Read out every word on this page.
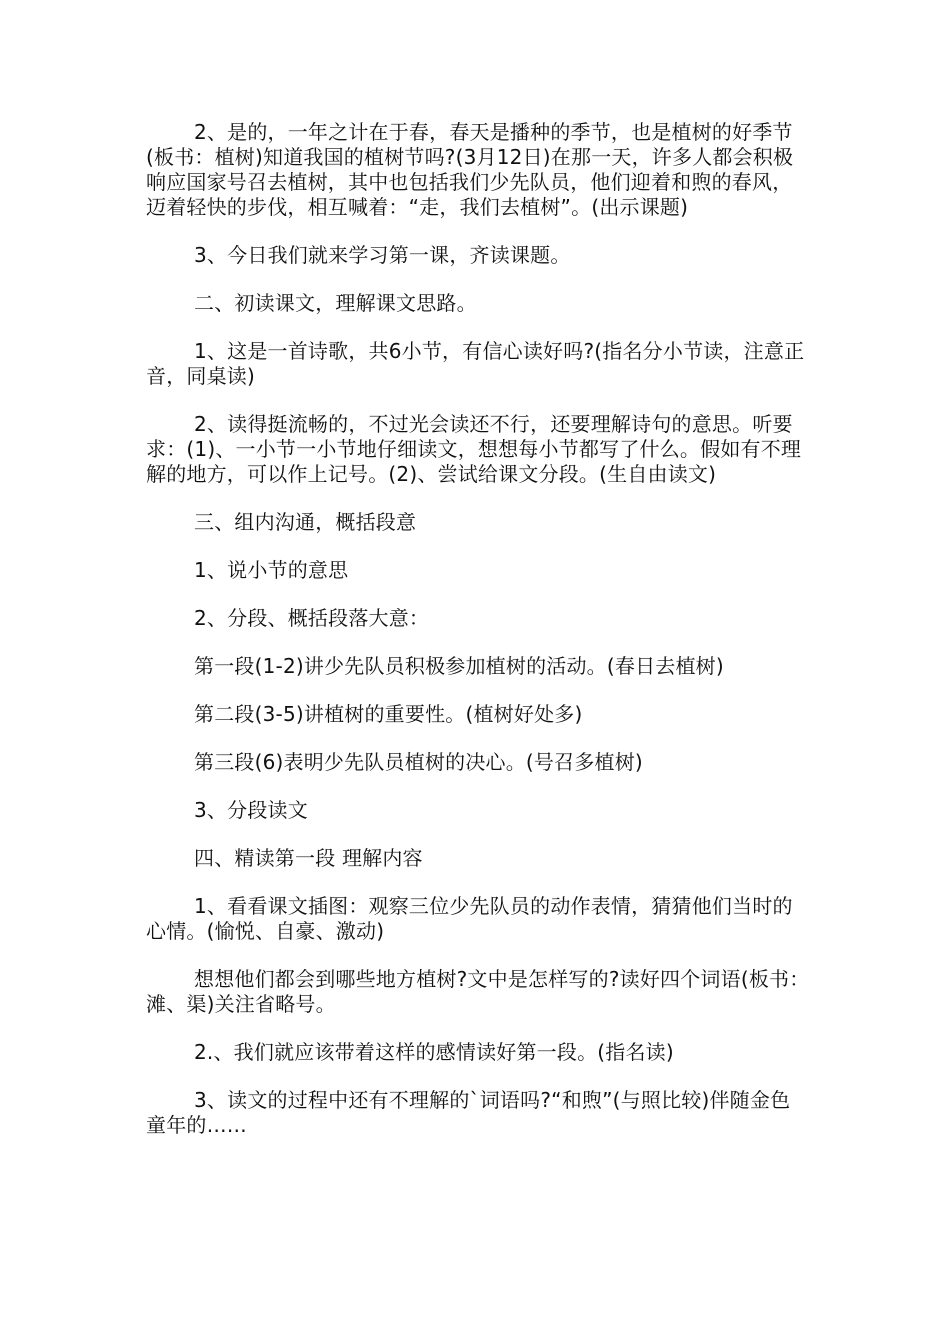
2、是的，一年之计在于春，春天是播种的季节，也是植树的好季节(板书：植树)知道我国的植树节吗?(3月12日)在那一天，许多人都会积极响应国家号召去植树，其中也包括我们少先队员，他们迎着和煦的春风，迈着轻快的步伐，相互喊着：“走，我们去植树”。(出示课题)

3、今日我们就来学习第一课，齐读课题。

二、初读课文，理解课文思路。

1、这是一首诗歌，共6小节，有信心读好吗?(指名分小节读，注意正音，同桌读)

2、读得挺流畅的，不过光会读还不行，还要理解诗句的意思。听要求：(1)、一小节一小节地仔细读文，想想每小节都写了什么。假如有不理解的地方，可以作上记号。(2)、尝试给课文分段。(生自由读文)

三、组内沟通，概括段意

1、说小节的意思

2、分段、概括段落大意：

第一段(1-2)讲少先队员积极参加植树的活动。(春日去植树)

第二段(3-5)讲植树的重要性。(植树好处多)

第三段(6)表明少先队员植树的决心。(号召多植树)

3、分段读文

四、精读第一段 理解内容

1、看看课文插图：观察三位少先队员的动作表情，猜猜他们当时的心情。(愉悦、自豪、激动)

想想他们都会到哪些地方植树?文中是怎样写的?读好四个词语(板书：滩、渠)关注省略号。

2.、我们就应该带着这样的感情读好第一段。(指名读)

3、读文的过程中还有不理解的`词语吗?“和煦”(与照比较)伴随金色童年的……
